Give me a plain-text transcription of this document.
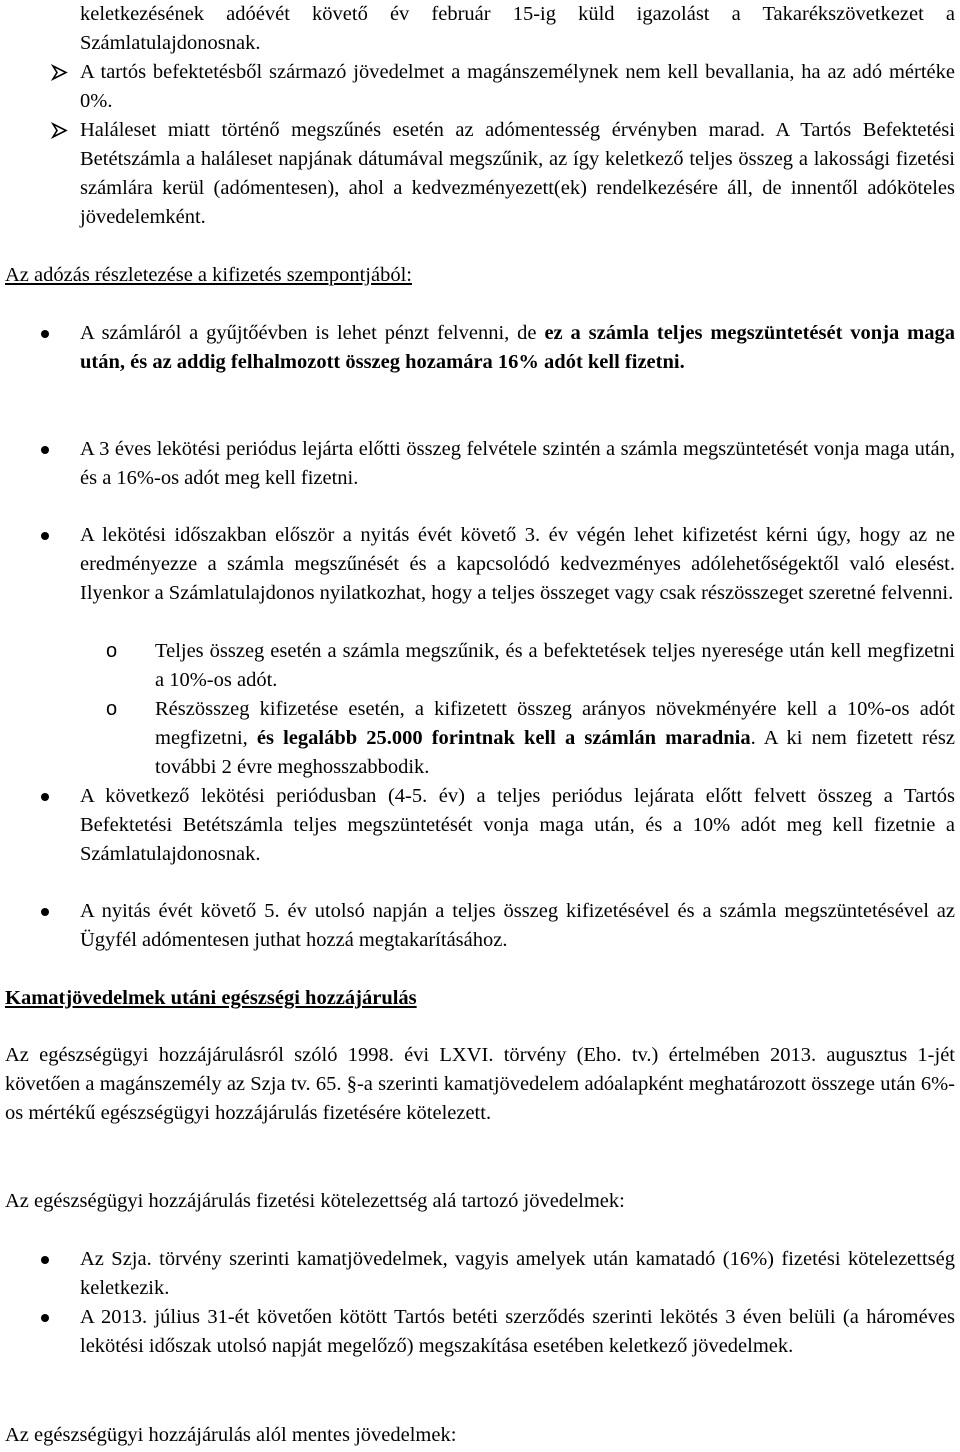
keletkezésének adóévét követő év február 15-ig küld igazolást a Takarékszövetkezet a Számlatulajdonosnak.

A tartós befektetésből származó jövedelmet a magánszemélynek nem kell bevallania, ha az adó mértéke 0%.

Haláleset miatt történő megszűnés esetén az adómentesség érvényben marad. A Tartós Befektetési Betétszámla a haláleset napjának dátumával megszűnik, az így keletkező teljes összeg a lakossági fizetési számlára kerül (adómentesen), ahol a kedvezményezett(ek) rendelkezésére áll, de innentől adóköteles jövedelemként.

Az adózás részletezése a kifizetés szempontjából:

A számláról a gyűjtőévben is lehet pénzt felvenni, de ez a számla teljes megszüntetését vonja maga után, és az addig felhalmozott összeg hozamára 16% adót kell fizetni.

A 3 éves lekötési periódus lejárta előtti összeg felvétele szintén a számla megszüntetését vonja maga után, és a 16%-os adót meg kell fizetni.

A lekötési időszakban először a nyitás évét követő 3. év végén lehet kifizetést kérni úgy, hogy az ne eredményezze a számla megszűnését és a kapcsolódó kedvezményes adólehetőségektől való elesést. Ilyenkor a Számlatulajdonos nyilatkozhat, hogy a teljes összeget vagy csak részösszeget szeretné felvenni.

o Teljes összeg esetén a számla megszűnik, és a befektetések teljes nyeresége után kell megfizetni a 10%-os adót.

o Részösszeg kifizetése esetén, a kifizetett összeg arányos növekményére kell a 10%-os adót megfizetni, és legalább 25.000 forintnak kell a számlán maradnia. A ki nem fizetett rész további 2 évre meghosszabbodik.

A következő lekötési periódusban (4-5. év) a teljes periódus lejárata előtt felvett összeg a Tartós Befektetési Betétszámla teljes megszüntetését vonja maga után, és a 10% adót meg kell fizetnie a Számlatulajdonosnak.

A nyitás évét követő 5. év utolsó napján a teljes összeg kifizetésével és a számla megszüntetésével az Ügyfél adómentesen juthat hozzá megtakarításához.

Kamatjövedelmek utáni egészségi hozzájárulás

Az egészségügyi hozzájárulásról szóló 1998. évi LXVI. törvény (Eho. tv.) értelmében 2013. augusztus 1-jét követően a magánszemély az Szja tv. 65. §-a szerinti kamatjövedelem adóalapként meghatározott összege után 6%-os mértékű egészségügyi hozzájárulás fizetésére kötelezett.

Az egészségügyi hozzájárulás fizetési kötelezettség alá tartozó jövedelmek:

Az Szja. törvény szerinti kamatjövedelmek, vagyis amelyek után kamatadó (16%) fizetési kötelezettség keletkezik.

A 2013. július 31-ét követően kötött Tartós betéti szerződés szerinti lekötés 3 éven belüli (a hároméves lekötési időszak utolsó napját megelőző) megszakítása esetében keletkező jövedelmek.

Az egészségügyi hozzájárulás alól mentes jövedelmek:
